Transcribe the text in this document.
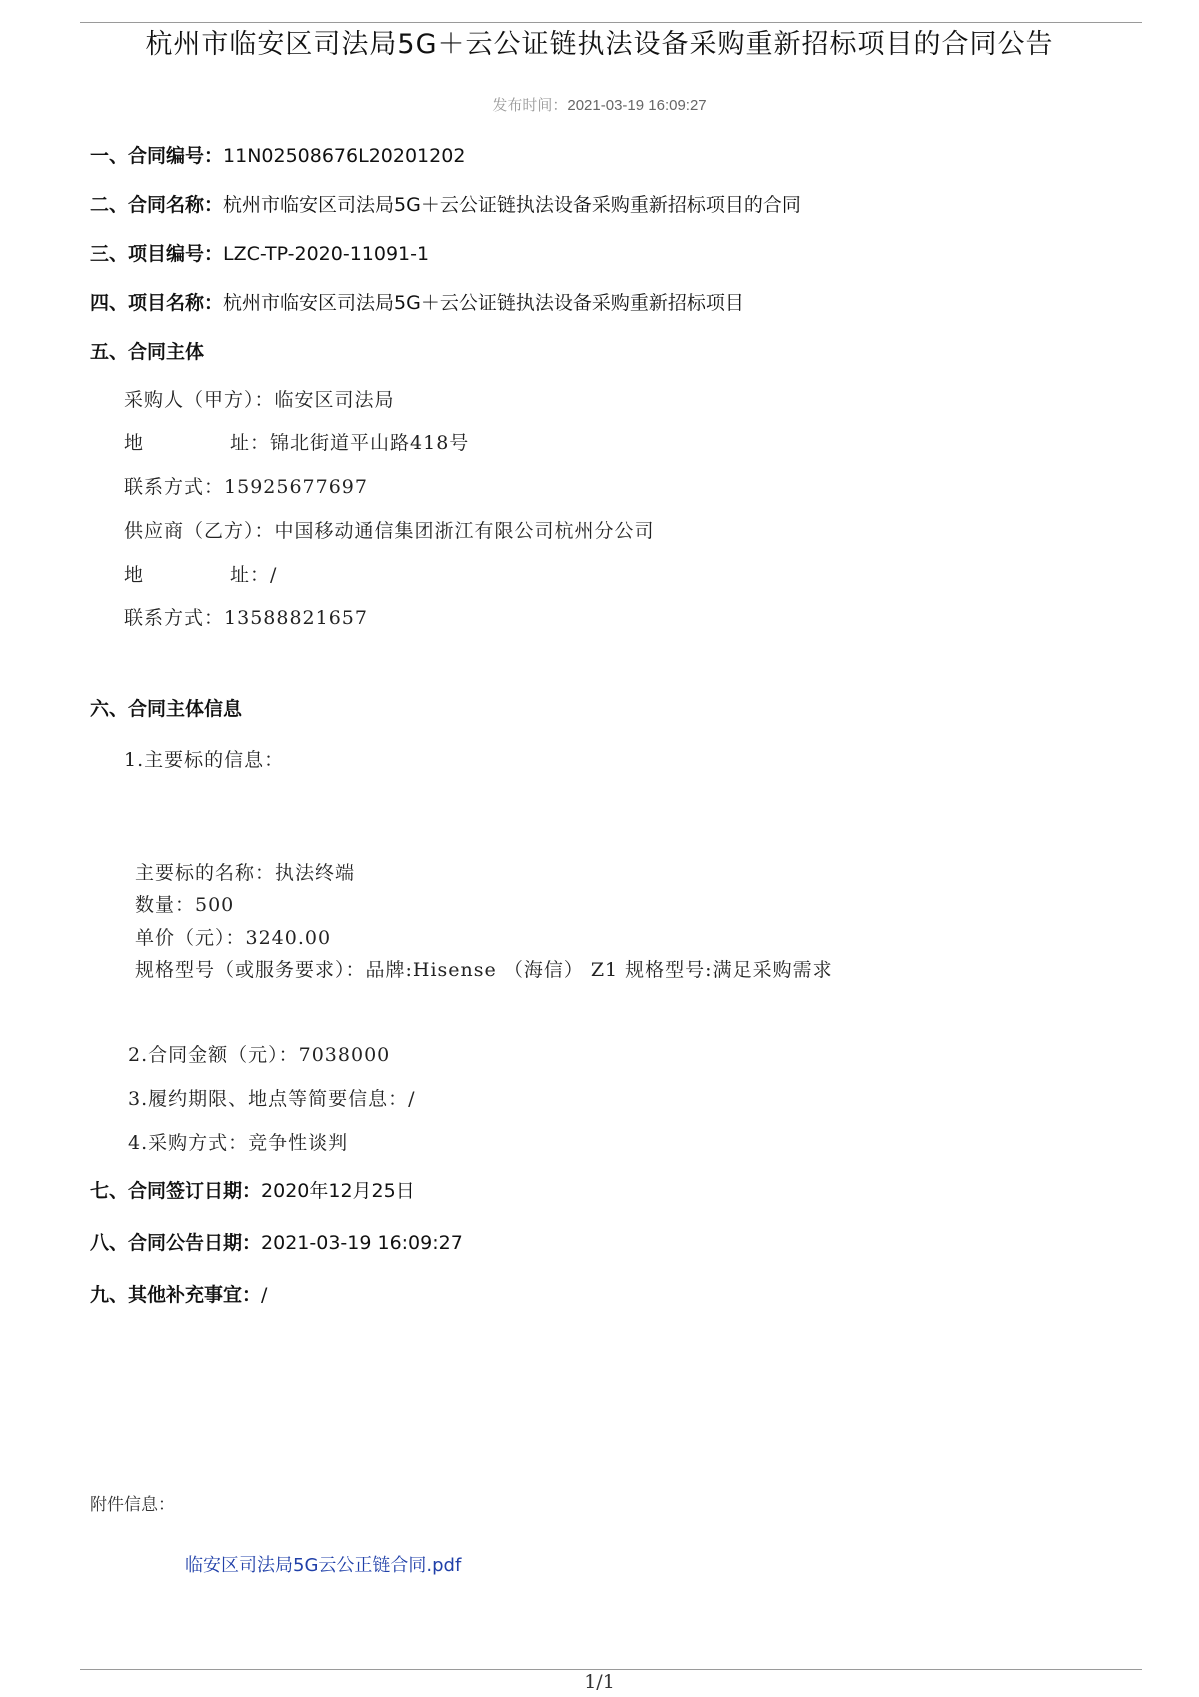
杭州市临安区司法局5G＋云公证链执法设备采购重新招标项目的合同公告
发布时间：2021-03-19 16:09:27
一、合同编号：11N02508676L20201202
二、合同名称：杭州市临安区司法局5G＋云公证链执法设备采购重新招标项目的合同
三、项目编号：LZC-TP-2020-11091-1
四、项目名称：杭州市临安区司法局5G＋云公证链执法设备采购重新招标项目
五、合同主体
采购人（甲方）：临安区司法局
地	址：锦北街道平山路418号
联系方式：15925677697
供应商（乙方）：中国移动通信集团浙江有限公司杭州分公司
地	址：/
联系方式：13588821657
六、合同主体信息
1.主要标的信息：
主要标的名称：执法终端
数量：500
单价（元）：3240.00
规格型号（或服务要求）：品牌:Hisense （海信） Z1 规格型号:满足采购需求
2.合同金额（元）：7038000
3.履约期限、地点等简要信息：/
4.采购方式：竞争性谈判
七、合同签订日期：2020年12月25日
八、合同公告日期：2021-03-19 16:09:27
九、其他补充事宜：/
附件信息：
临安区司法局5G云公正链合同.pdf
1/1
